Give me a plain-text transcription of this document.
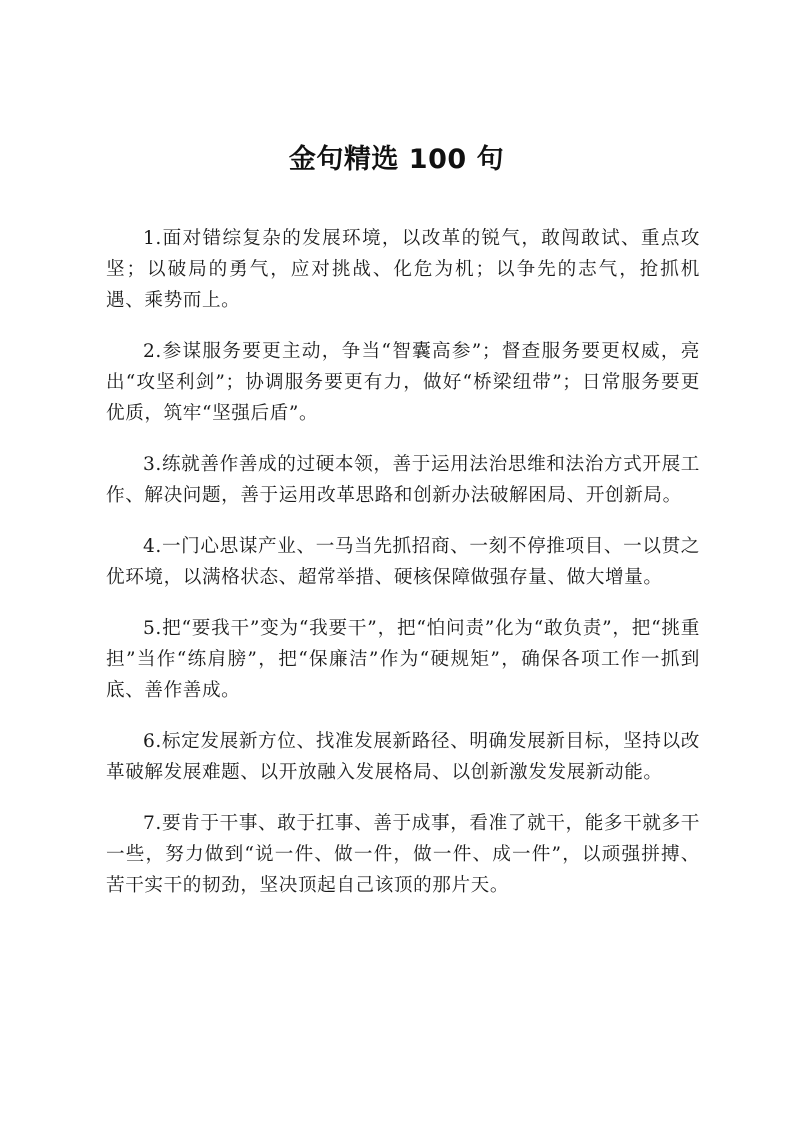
金句精选 100 句

1.面对错综复杂的发展环境，以改革的锐气，敢闯敢试、重点攻坚；以破局的勇气，应对挑战、化危为机；以争先的志气，抢抓机遇、乘势而上。

2.参谋服务要更主动，争当“智囊高参”；督查服务要更权威，亮出“攻坚利剑”；协调服务要更有力，做好“桥梁纽带”；日常服务要更优质，筑牢“坚强后盾”。

3.练就善作善成的过硬本领，善于运用法治思维和法治方式开展工作、解决问题，善于运用改革思路和创新办法破解困局、开创新局。

4.一门心思谋产业、一马当先抓招商、一刻不停推项目、一以贯之优环境，以满格状态、超常举措、硬核保障做强存量、做大增量。

5.把“要我干”变为“我要干”，把“怕问责”化为“敢负责”，把“挑重担”当作“练肩膀”，把“保廉洁”作为“硬规矩”，确保各项工作一抓到底、善作善成。

6.标定发展新方位、找准发展新路径、明确发展新目标，坚持以改革破解发展难题、以开放融入发展格局、以创新激发发展新动能。

7.要肯于干事、敢于扛事、善于成事，看准了就干，能多干就多干一些，努力做到“说一件、做一件，做一件、成一件”，以顽强拼搏、苦干实干的韧劲，坚决顶起自己该顶的那片天。
